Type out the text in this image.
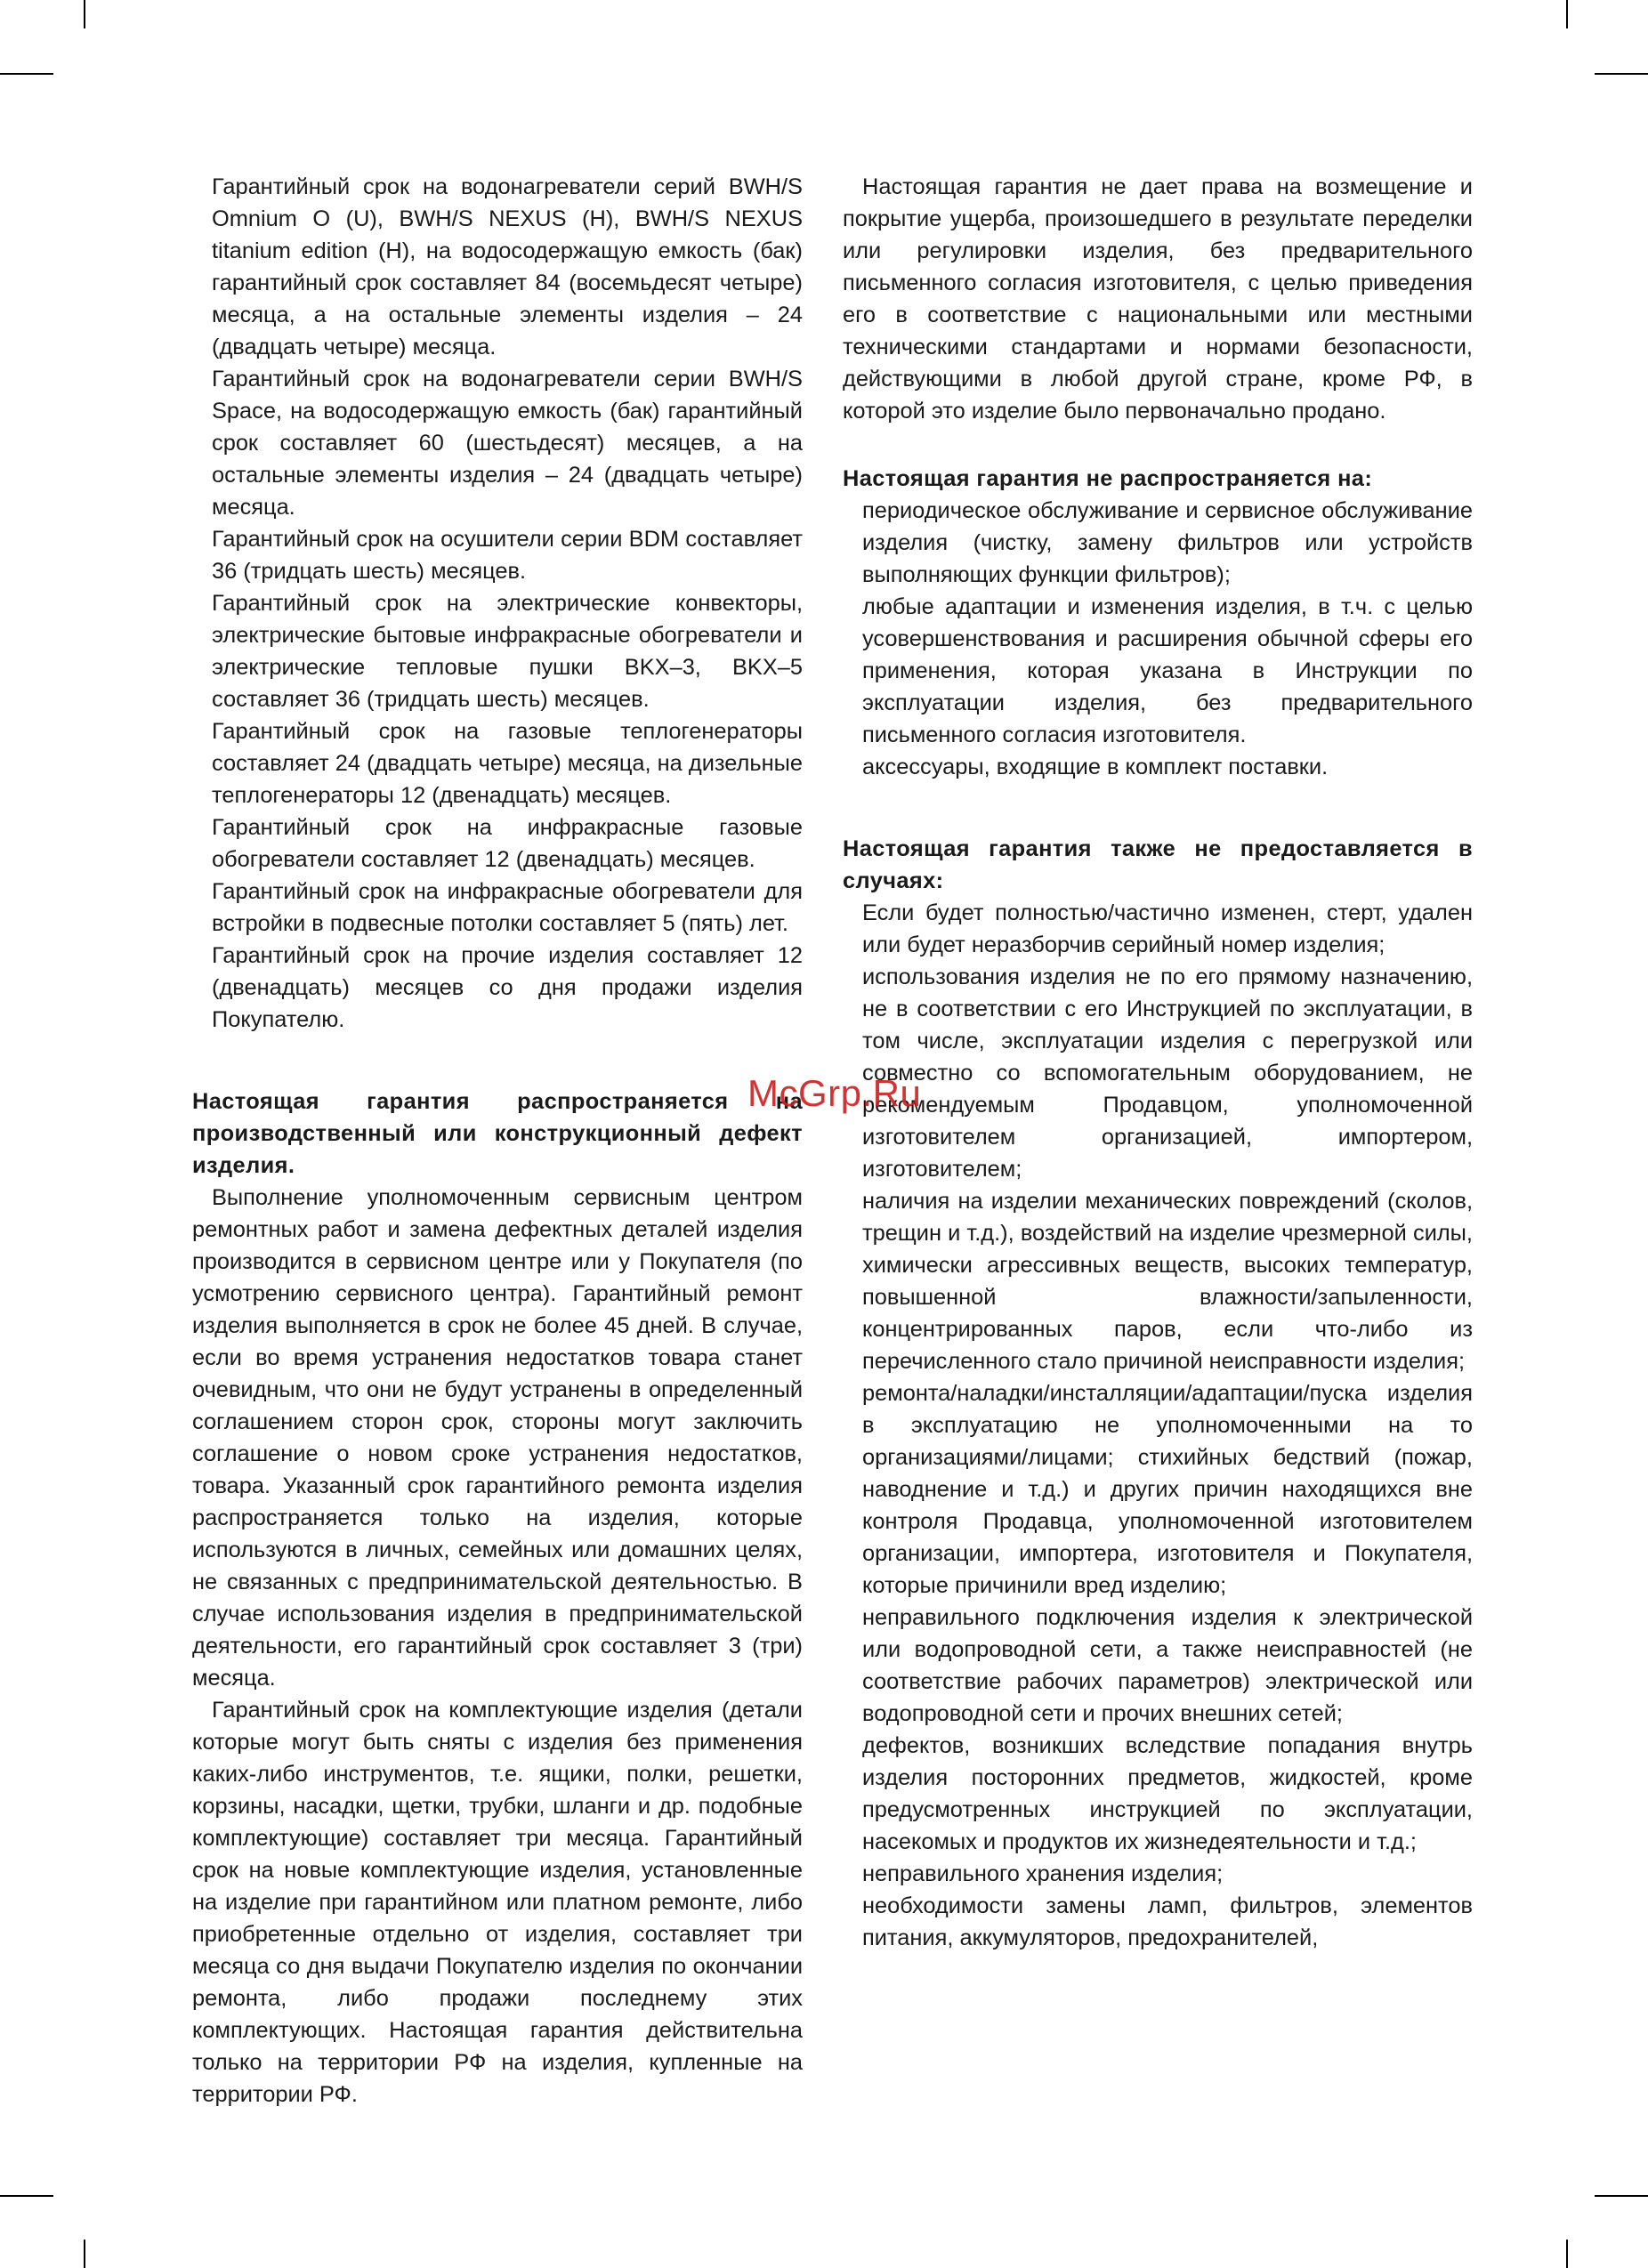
Гарантийный срок на водонагреватели серий BWH/S Omnium O (U), BWH/S NEXUS (H), BWH/S NEXUS titanium edition (H), на водосодержащую емкость (бак) гарантийный срок составляет 84 (восемьдесят четыре) месяца, а на остальные элементы изделия – 24 (двадцать четыре) месяца.

Гарантийный срок на водонагреватели серии BWH/S Space, на водосодержащую емкость (бак) гарантийный срок составляет 60 (шестьдесят) месяцев, а на остальные элементы изделия – 24 (двадцать четыре) месяца.

Гарантийный срок на осушители серии BDM составляет 36 (тридцать шесть) месяцев.

Гарантийный срок на электрические конвекторы, электрические бытовые инфракрасные обогреватели и электрические тепловые пушки BKX–3, BKX–5 составляет 36 (тридцать шесть) месяцев.

Гарантийный срок на газовые теплогенераторы составляет 24 (двадцать четыре) месяца, на дизельные теплогенераторы 12 (двенадцать) месяцев.

Гарантийный срок на инфракрасные газовые обогреватели составляет 12 (двенадцать) месяцев.

Гарантийный срок на инфракрасные обогреватели для встройки в подвесные потолки составляет 5 (пять) лет.

Гарантийный срок на прочие изделия составляет 12 (двенадцать) месяцев со дня продажи изделия Покупателю.

Настоящая гарантия распространяется на производственный или конструкционный дефект изделия.

Выполнение уполномоченным сервисным центром ремонтных работ и замена дефектных деталей изделия производится в сервисном центре или у Покупателя (по усмотрению сервисного центра). Гарантийный ремонт изделия выполняется в срок не более 45 дней. В случае, если во время устранения недостатков товара станет очевидным, что они не будут устранены в определенный соглашением сторон срок, стороны могут заключить соглашение о новом сроке устранения недостатков, товара. Указанный срок гарантийного ремонта изделия распространяется только на изделия, которые используются в личных, семейных или домашних целях, не связанных с предпринимательской деятельностью. В случае использования изделия в предпринимательской деятельности, его гарантийный срок составляет 3 (три) месяца.

Гарантийный срок на комплектующие изделия (детали которые могут быть сняты с изделия без применения каких-либо инструментов, т.е. ящики, полки, решетки, корзины, насадки, щетки, трубки, шланги и др. подобные комплектующие) составляет три месяца. Гарантийный срок на новые комплектующие изделия, установленные на изделие при гарантийном или платном ремонте, либо приобретенные отдельно от изделия, составляет три месяца со дня выдачи Покупателю изделия по окончании ремонта, либо продажи последнему этих комплектующих. Настоящая гарантия действительна только на территории РФ на изделия, купленные на территории РФ.

Настоящая гарантия не дает права на возмещение и покрытие ущерба, произошедшего в результате переделки или регулировки изделия, без предварительного письменного согласия изготовителя, с целью приведения его в соответствие с национальными или местными техническими стандартами и нормами безопасности, действующими в любой другой стране, кроме РФ, в которой это изделие было первоначально продано.

Настоящая гарантия не распространяется на:

периодическое обслуживание и сервисное обслуживание изделия (чистку, замену фильтров или устройств выполняющих функции фильтров);

любые адаптации и изменения изделия, в т.ч. с целью усовершенствования и расширения обычной сферы его применения, которая указана в Инструкции по эксплуатации изделия, без предварительного письменного согласия изготовителя.

аксессуары, входящие в комплект поставки.

Настоящая гарантия также не предоставляется в случаях:

Если будет полностью/частично изменен, стерт, удален или будет неразборчив серийный номер изделия;

использования изделия не по его прямому назначению, не в соответствии с его Инструкцией по эксплуатации, в том числе, эксплуатации изделия с перегрузкой или совместно со вспомогательным оборудованием, не рекомендуемым Продавцом, уполномоченной изготовителем организацией, импортером, изготовителем;

наличия на изделии механических повреждений (сколов, трещин и т.д.), воздействий на изделие чрезмерной силы, химически агрессивных веществ, высоких температур, повышенной влажности/запыленности, концентрированных паров, если что-либо из перечисленного стало причиной неисправности изделия;

ремонта/наладки/инсталляции/адаптации/пуска изделия в эксплуатацию не уполномоченными на то организациями/лицами; стихийных бедствий (пожар, наводнение и т.д.) и других причин находящихся вне контроля Продавца, уполномоченной изготовителем организации, импортера, изготовителя и Покупателя, которые причинили вред изделию;

неправильного подключения изделия к электрической или водопроводной сети, а также неисправностей (не соответствие рабочих параметров) электрической или водопроводной сети и прочих внешних сетей;

дефектов, возникших вследствие попадания внутрь изделия посторонних предметов, жидкостей, кроме предусмотренных инструкцией по эксплуатации, насекомых и продуктов их жизнедеятельности и т.д.;

неправильного хранения изделия;

необходимости замены ламп, фильтров, элементов питания, аккумуляторов, предохранителей,

McGrp.Ru
